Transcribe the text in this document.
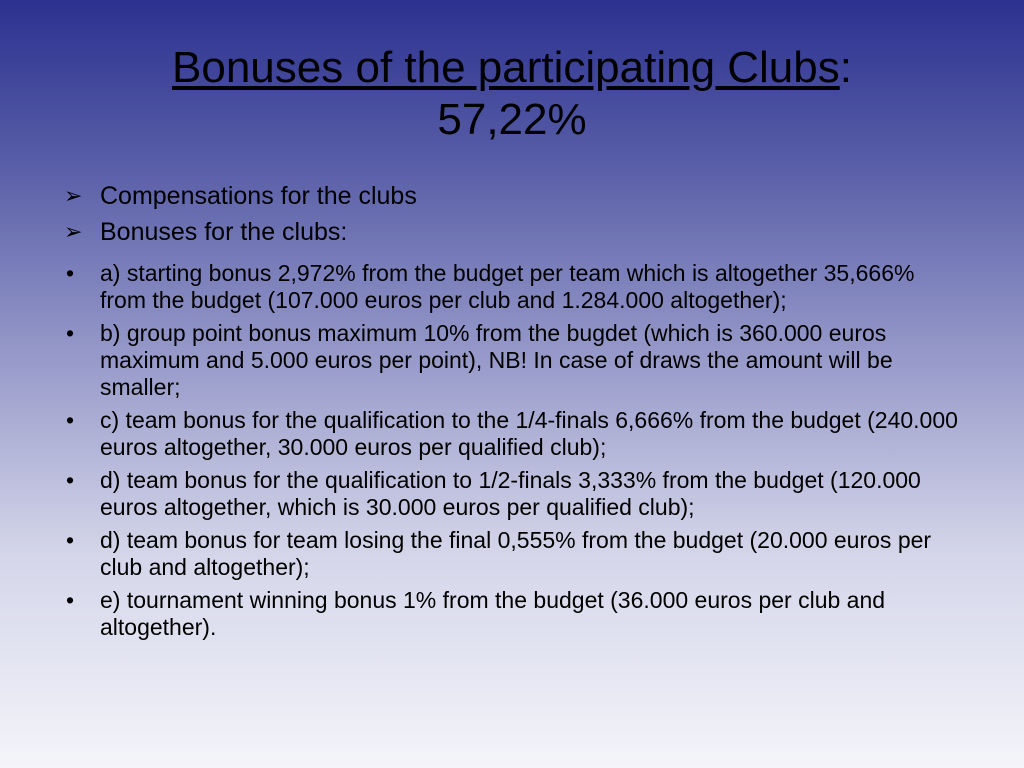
Bonuses of the participating Clubs:
57,22%
➢ Compensations for the clubs
➢ Bonuses for the clubs:
• a) starting bonus 2,972% from the budget per team which is altogether 35,666% from the budget (107.000 euros per club and 1.284.000 altogether);
• b) group point bonus maximum 10% from the bugdet (which is 360.000 euros maximum and 5.000 euros per point), NB! In case of draws the amount will be smaller;
• c) team bonus for the qualification to the 1/4-finals 6,666% from the budget (240.000 euros altogether, 30.000 euros per qualified club);
• d) team bonus for the qualification to 1/2-finals 3,333% from the budget (120.000 euros altogether, which is 30.000 euros per qualified club);
• d) team bonus for team losing the final 0,555% from the budget (20.000 euros per club and altogether);
• e) tournament winning bonus 1% from the budget (36.000 euros per club and altogether).
